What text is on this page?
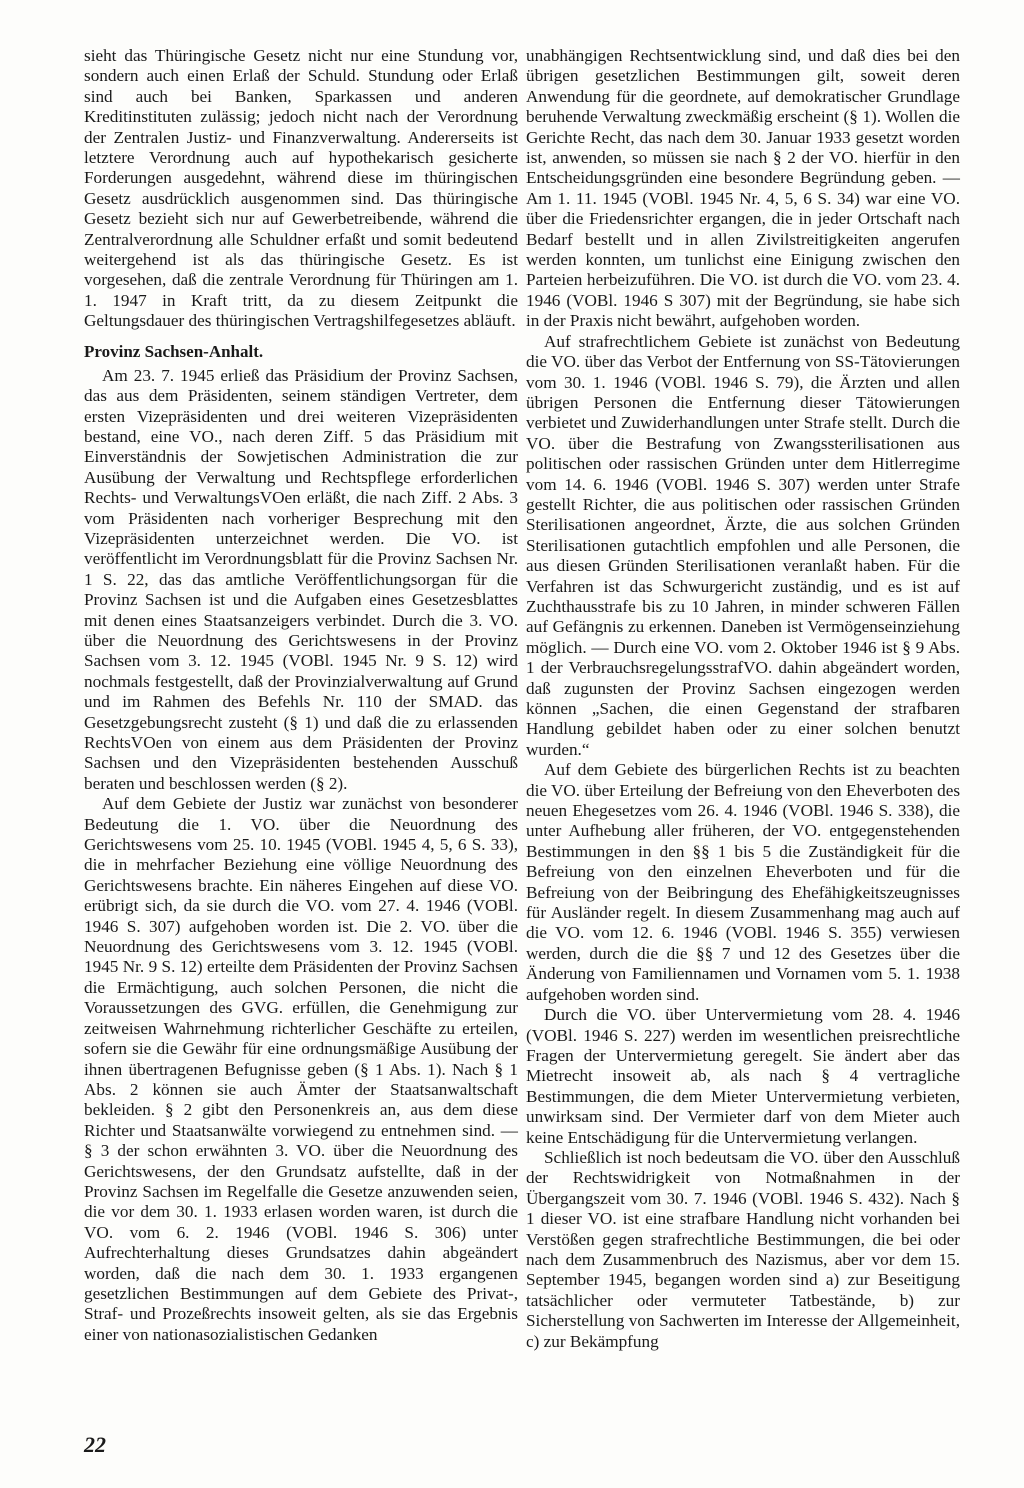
sieht das Thüringische Gesetz nicht nur eine Stundung vor, sondern auch einen Erlaß der Schuld. Stundung oder Erlaß sind auch bei Banken, Sparkassen und anderen Kreditinstituten zulässig; jedoch nicht nach der Verordnung der Zentralen Justiz- und Finanzverwaltung. Andererseits ist letztere Verordnung auch auf hypothekarisch gesicherte Forderungen ausgedehnt, während diese im thüringischen Gesetz ausdrücklich ausgenommen sind. Das thüringische Gesetz bezieht sich nur auf Gewerbetreibende, während die Zentralverordnung alle Schuldner erfaßt und somit bedeutend weitergehend ist als das thüringische Gesetz. Es ist vorgesehen, daß die zentrale Verordnung für Thüringen am 1. 1. 1947 in Kraft tritt, da zu diesem Zeitpunkt die Geltungsdauer des thüringischen Vertragshilfegesetzes abläuft.

Provinz Sachsen-Anhalt.

Am 23. 7. 1945 erließ das Präsidium der Provinz Sachsen, das aus dem Präsidenten, seinem ständigen Vertreter, dem ersten Vizepräsidenten und drei weiteren Vizepräsidenten bestand, eine VO., nach deren Ziff. 5 das Präsidium mit Einverständnis der Sowjetischen Administration die zur Ausübung der Verwaltung und Rechtspflege erforderlichen Rechts- und VerwaltungsVOen erläßt, die nach Ziff. 2 Abs. 3 vom Präsidenten nach vorheriger Besprechung mit den Vizepräsidenten unterzeichnet werden. Die VO. ist veröffentlicht im Verordnungsblatt für die Provinz Sachsen Nr. 1 S. 22, das das amtliche Veröffentlichungsorgan für die Provinz Sachsen ist und die Aufgaben eines Gesetzesblattes mit denen eines Staatsanzeigers verbindet. Durch die 3. VO. über die Neuordnung des Gerichtswesens in der Provinz Sachsen vom 3. 12. 1945 (VOBl. 1945 Nr. 9 S. 12) wird nochmals festgestellt, daß der Provinzialverwaltung auf Grund und im Rahmen des Befehls Nr. 110 der SMAD. das Gesetzgebungsrecht zusteht (§ 1) und daß die zu erlassenden RechtsVOen von einem aus dem Präsidenten der Provinz Sachsen und den Vizepräsidenten bestehenden Ausschuß beraten und beschlossen werden (§ 2).

Auf dem Gebiete der Justiz war zunächst von besonderer Bedeutung die 1. VO. über die Neuordnung des Gerichtswesens vom 25. 10. 1945 (VOBl. 1945 4, 5, 6 S. 33), die in mehrfacher Beziehung eine völlige Neuordnung des Gerichtswesens brachte. Ein näheres Eingehen auf diese VO. erübrigt sich, da sie durch die VO. vom 27. 4. 1946 (VOBl. 1946 S. 307) aufgehoben worden ist. Die 2. VO. über die Neuordnung des Gerichtswesens vom 3. 12. 1945 (VOBl. 1945 Nr. 9 S. 12) erteilte dem Präsidenten der Provinz Sachsen die Ermächtigung, auch solchen Personen, die nicht die Voraussetzungen des GVG. erfüllen, die Genehmigung zur zeitweisen Wahrnehmung richterlicher Geschäfte zu erteilen, sofern sie die Gewähr für eine ordnungsmäßige Ausübung der ihnen übertragenen Befugnisse geben (§ 1 Abs. 1). Nach § 1 Abs. 2 können sie auch Ämter der Staatsanwaltschaft bekleiden. § 2 gibt den Personenkreis an, aus dem diese Richter und Staatsanwälte vorwiegend zu entnehmen sind. — § 3 der schon erwähnten 3. VO. über die Neuordnung des Gerichtswesens, der den Grundsatz aufstellte, daß in der Provinz Sachsen im Regelfalle die Gesetze anzuwenden seien, die vor dem 30. 1. 1933 erlasen worden waren, ist durch die VO. vom 6. 2. 1946 (VOBl. 1946 S. 306) unter Aufrechterhaltung dieses Grundsatzes dahin abgeändert worden, daß die nach dem 30. 1. 1933 ergangenen gesetzlichen Bestimmungen auf dem Gebiete des Privat-, Straf- und Prozeßrechts insoweit gelten, als sie das Ergebnis einer von nationasozialistischen Gedanken

unabhängigen Rechtsentwicklung sind, und daß dies bei den übrigen gesetzlichen Bestimmungen gilt, soweit deren Anwendung für die geordnete, auf demokratischer Grundlage beruhende Verwaltung zweckmäßig erscheint (§ 1). Wollen die Gerichte Recht, das nach dem 30. Januar 1933 gesetzt worden ist, anwenden, so müssen sie nach § 2 der VO. hierfür in den Entscheidungsgründen eine besondere Begründung geben. — Am 1. 11. 1945 (VOBl. 1945 Nr. 4, 5, 6 S. 34) war eine VO. über die Friedensrichter ergangen, die in jeder Ortschaft nach Bedarf bestellt und in allen Zivilstreitigkeiten angerufen werden konnten, um tunlichst eine Einigung zwischen den Parteien herbeizuführen. Die VO. ist durch die VO. vom 23. 4. 1946 (VOBl. 1946 S 307) mit der Begründung, sie habe sich in der Praxis nicht bewährt, aufgehoben worden.

Auf strafrechtlichem Gebiete ist zunächst von Bedeutung die VO. über das Verbot der Entfernung von SS-Tätovierungen vom 30. 1. 1946 (VOBl. 1946 S. 79), die Ärzten und allen übrigen Personen die Entfernung dieser Tätowierungen verbietet und Zuwiderhandlungen unter Strafe stellt. Durch die VO. über die Bestrafung von Zwangssterilisationen aus politischen oder rassischen Gründen unter dem Hitlerregime vom 14. 6. 1946 (VOBl. 1946 S. 307) werden unter Strafe gestellt Richter, die aus politischen oder rassischen Gründen Sterilisationen angeordnet, Ärzte, die aus solchen Gründen Sterilisationen gutachtlich empfohlen und alle Personen, die aus diesen Gründen Sterilisationen veranlaßt haben. Für die Verfahren ist das Schwurgericht zuständig, und es ist auf Zuchthausstrafe bis zu 10 Jahren, in minder schweren Fällen auf Gefängnis zu erkennen. Daneben ist Vermögenseinziehung möglich. — Durch eine VO. vom 2. Oktober 1946 ist § 9 Abs. 1 der VerbrauchsregelungsstrafVO. dahin abgeändert worden, daß zugunsten der Provinz Sachsen eingezogen werden können „Sachen, die einen Gegenstand der strafbaren Handlung gebildet haben oder zu einer solchen benutzt wurden.“

Auf dem Gebiete des bürgerlichen Rechts ist zu beachten die VO. über Erteilung der Befreiung von den Eheverboten des neuen Ehegesetzes vom 26. 4. 1946 (VOBl. 1946 S. 338), die unter Aufhebung aller früheren, der VO. entgegenstehenden Bestimmungen in den §§ 1 bis 5 die Zuständigkeit für die Befreiung von den einzelnen Eheverboten und für die Befreiung von der Beibringung des Ehefähigkeitszeugnisses für Ausländer regelt. In diesem Zusammenhang mag auch auf die VO. vom 12. 6. 1946 (VOBl. 1946 S. 355) verwiesen werden, durch die die §§ 7 und 12 des Gesetzes über die Änderung von Familiennamen und Vornamen vom 5. 1. 1938 aufgehoben worden sind.

Durch die VO. über Untervermietung vom 28. 4. 1946 (VOBl. 1946 S. 227) werden im wesentlichen preisrechtliche Fragen der Untervermietung geregelt. Sie ändert aber das Mietrecht insoweit ab, als nach § 4 vertragliche Bestimmungen, die dem Mieter Untervermietung verbieten, unwirksam sind. Der Vermieter darf von dem Mieter auch keine Entschädigung für die Untervermietung verlangen.

Schließlich ist noch bedeutsam die VO. über den Ausschluß der Rechtswidrigkeit von Notmaßnahmen in der Übergangszeit vom 30. 7. 1946 (VOBl. 1946 S. 432). Nach § 1 dieser VO. ist eine strafbare Handlung nicht vorhanden bei Verstößen gegen strafrechtliche Bestimmungen, die bei oder nach dem Zusammenbruch des Nazismus, aber vor dem 15. September 1945, begangen worden sind a) zur Beseitigung tatsächlicher oder vermuteter Tatbestände, b) zur Sicherstellung von Sachwerten im Interesse der Allgemeinheit, c) zur Bekämpfung

22
